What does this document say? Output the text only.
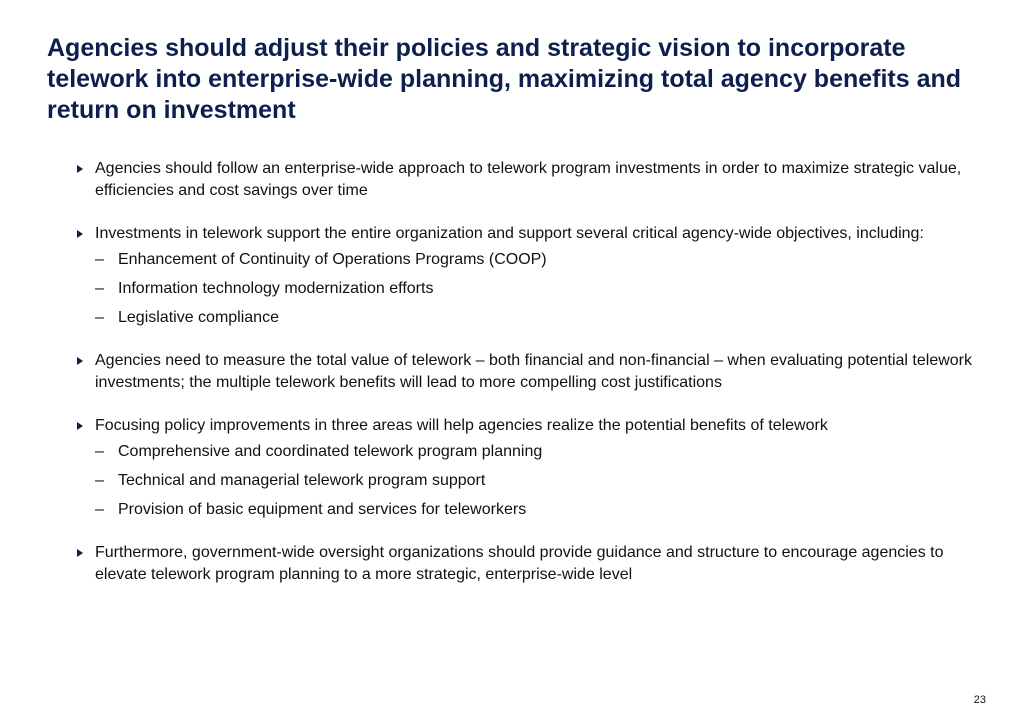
Agencies should adjust their policies and strategic vision to incorporate telework into enterprise-wide planning, maximizing total agency benefits and return on investment
Agencies should follow an enterprise-wide approach to telework program investments in order to maximize strategic value, efficiencies and cost savings over time
Investments in telework support the entire organization and support several critical agency-wide objectives, including:
– Enhancement of Continuity of Operations Programs (COOP)
– Information technology modernization efforts
– Legislative compliance
Agencies need to measure the total value of telework – both financial and non-financial – when evaluating potential telework investments; the multiple telework benefits will lead to more compelling cost justifications
Focusing policy improvements in three areas will help agencies realize the potential benefits of telework
– Comprehensive and coordinated telework program planning
– Technical and managerial telework program support
– Provision of basic equipment and services for teleworkers
Furthermore, government-wide oversight organizations should provide guidance and structure to encourage agencies to elevate telework program planning to a more strategic, enterprise-wide level
23
